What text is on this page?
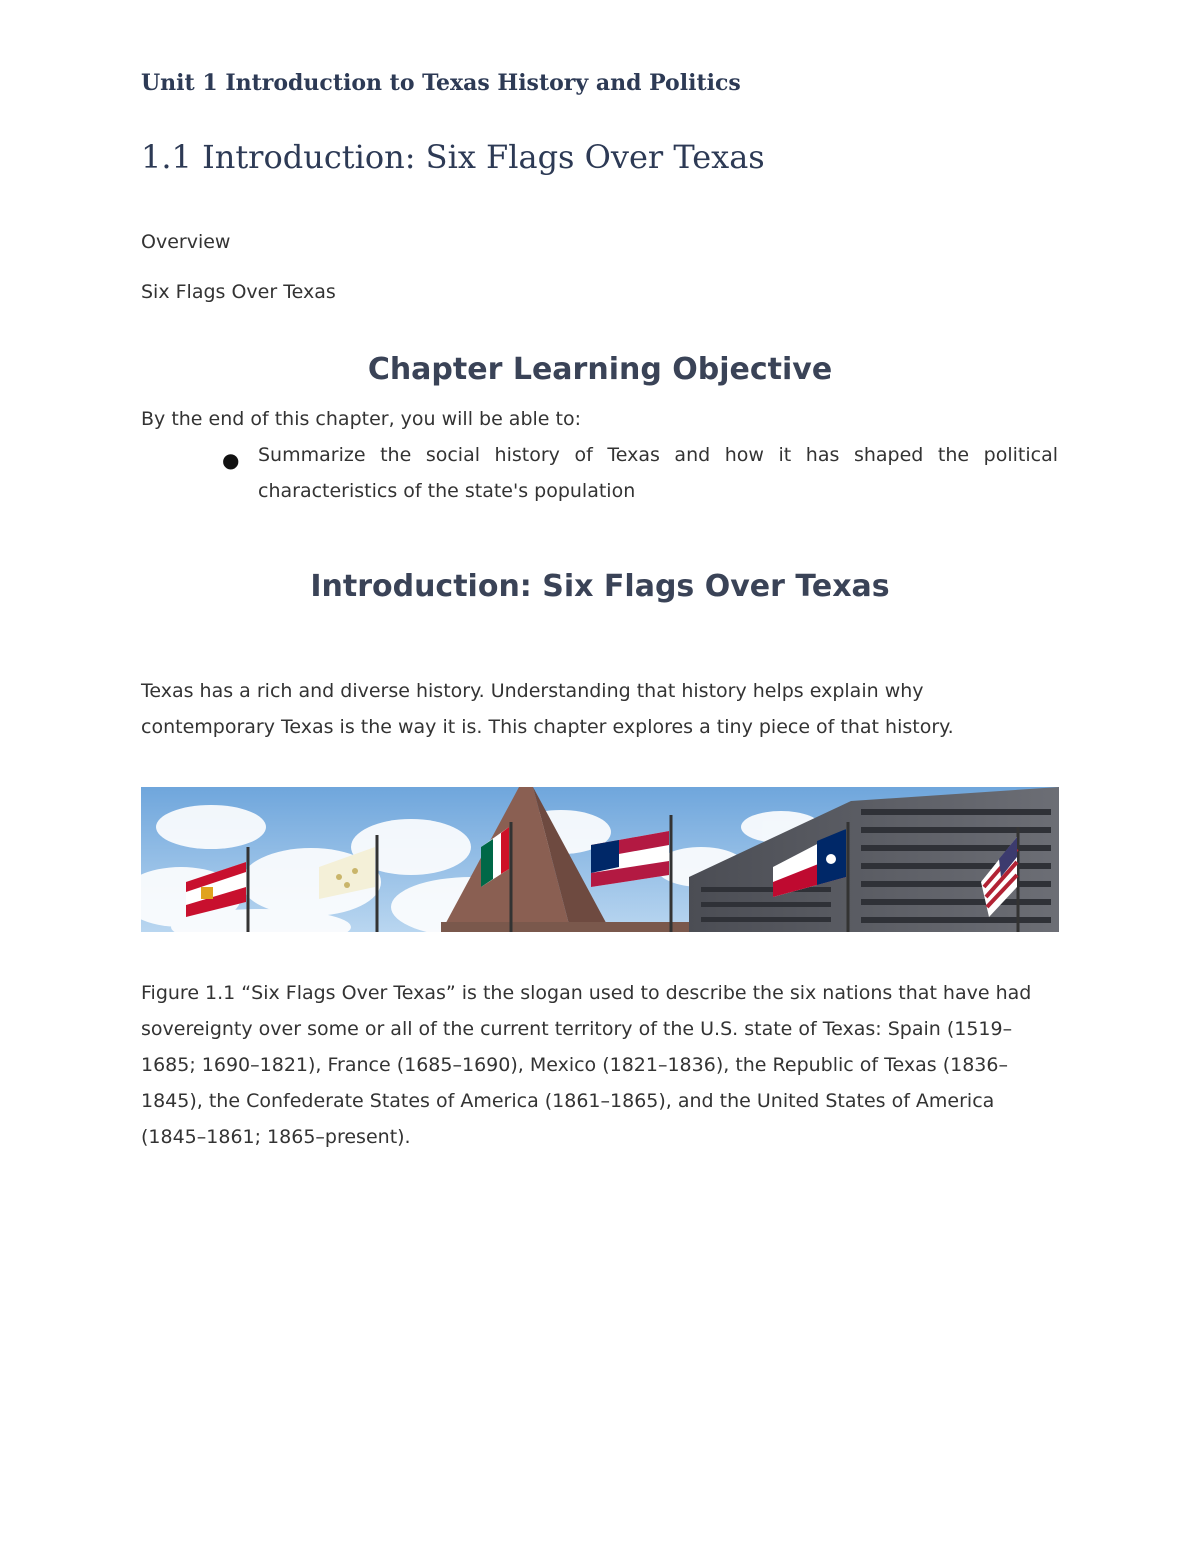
Unit 1 Introduction to Texas History and Politics
1.1 Introduction: Six Flags Over Texas
Overview
Six Flags Over Texas
Chapter Learning Objective
By the end of this chapter, you will be able to:
● Summarize the social history of Texas and how it has shaped the political characteristics of the state's population
Introduction: Six Flags Over Texas

Texas has a rich and diverse history. Understanding that history helps explain why contemporary Texas is the way it is. This chapter explores a tiny piece of that history.

Figure 1.1 “Six Flags Over Texas” is the slogan used to describe the six nations that have had sovereignty over some or all of the current territory of the U.S. state of Texas: Spain (1519–1685; 1690–1821), France (1685–1690), Mexico (1821–1836), the Republic of Texas (1836–1845), the Confederate States of America (1861–1865), and the United States of America (1845–1861; 1865–present).
